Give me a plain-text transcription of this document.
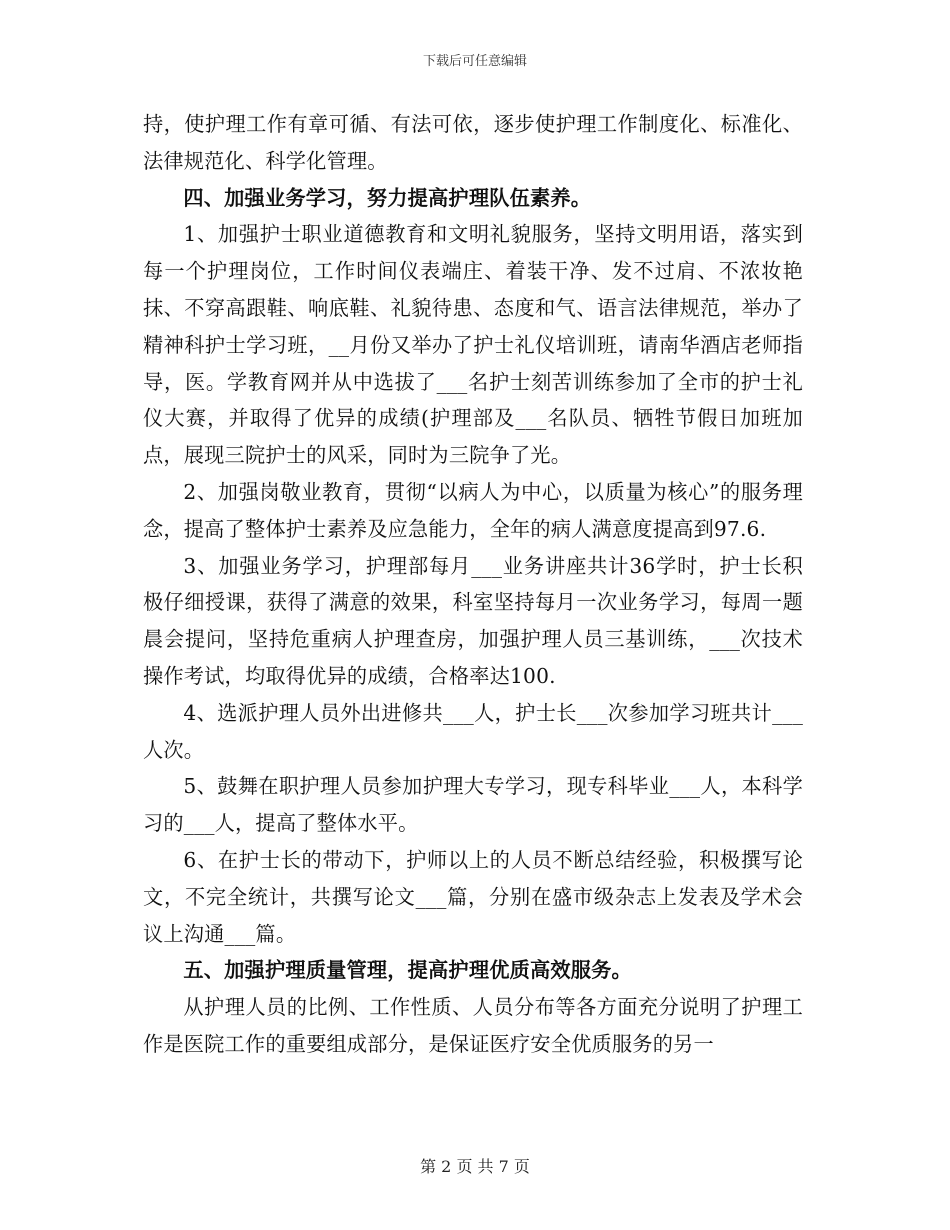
下载后可任意编辑

持，使护理工作有章可循、有法可依，逐步使护理工作制度化、标准化、法律规范化、科学化管理。

四、加强业务学习，努力提高护理队伍素养。

1、加强护士职业道德教育和文明礼貌服务，坚持文明用语，落实到每一个护理岗位，工作时间仪表端庄、着装干净、发不过肩、不浓妆艳抹、不穿高跟鞋、响底鞋、礼貌待患、态度和气、语言法律规范，举办了精神科护士学习班，__月份又举办了护士礼仪培训班，请南华酒店老师指导，医。学教育网并从中选拔了___名护士刻苦训练参加了全市的护士礼仪大赛，并取得了优异的成绩(护理部及___名队员、牺牲节假日加班加点，展现三院护士的风采，同时为三院争了光。

2、加强岗敬业教育，贯彻“以病人为中心，以质量为核心”的服务理念，提高了整体护士素养及应急能力，全年的病人满意度提高到97.6.

3、加强业务学习，护理部每月___业务讲座共计36学时，护士长积极仔细授课，获得了满意的效果，科室坚持每月一次业务学习，每周一题晨会提问，坚持危重病人护理查房，加强护理人员三基训练，___次技术操作考试，均取得优异的成绩，合格率达100.

4、选派护理人员外出进修共___人，护士长___次参加学习班共计___人次。

5、鼓舞在职护理人员参加护理大专学习，现专科毕业___人，本科学习的___人，提高了整体水平。

6、在护士长的带动下，护师以上的人员不断总结经验，积极撰写论文，不完全统计，共撰写论文___篇，分别在盛市级杂志上发表及学术会议上沟通___篇。

五、加强护理质量管理，提高护理优质高效服务。

从护理人员的比例、工作性质、人员分布等各方面充分说明了护理工作是医院工作的重要组成部分，是保证医疗安全优质服务的另一

第 2 页 共 7 页
